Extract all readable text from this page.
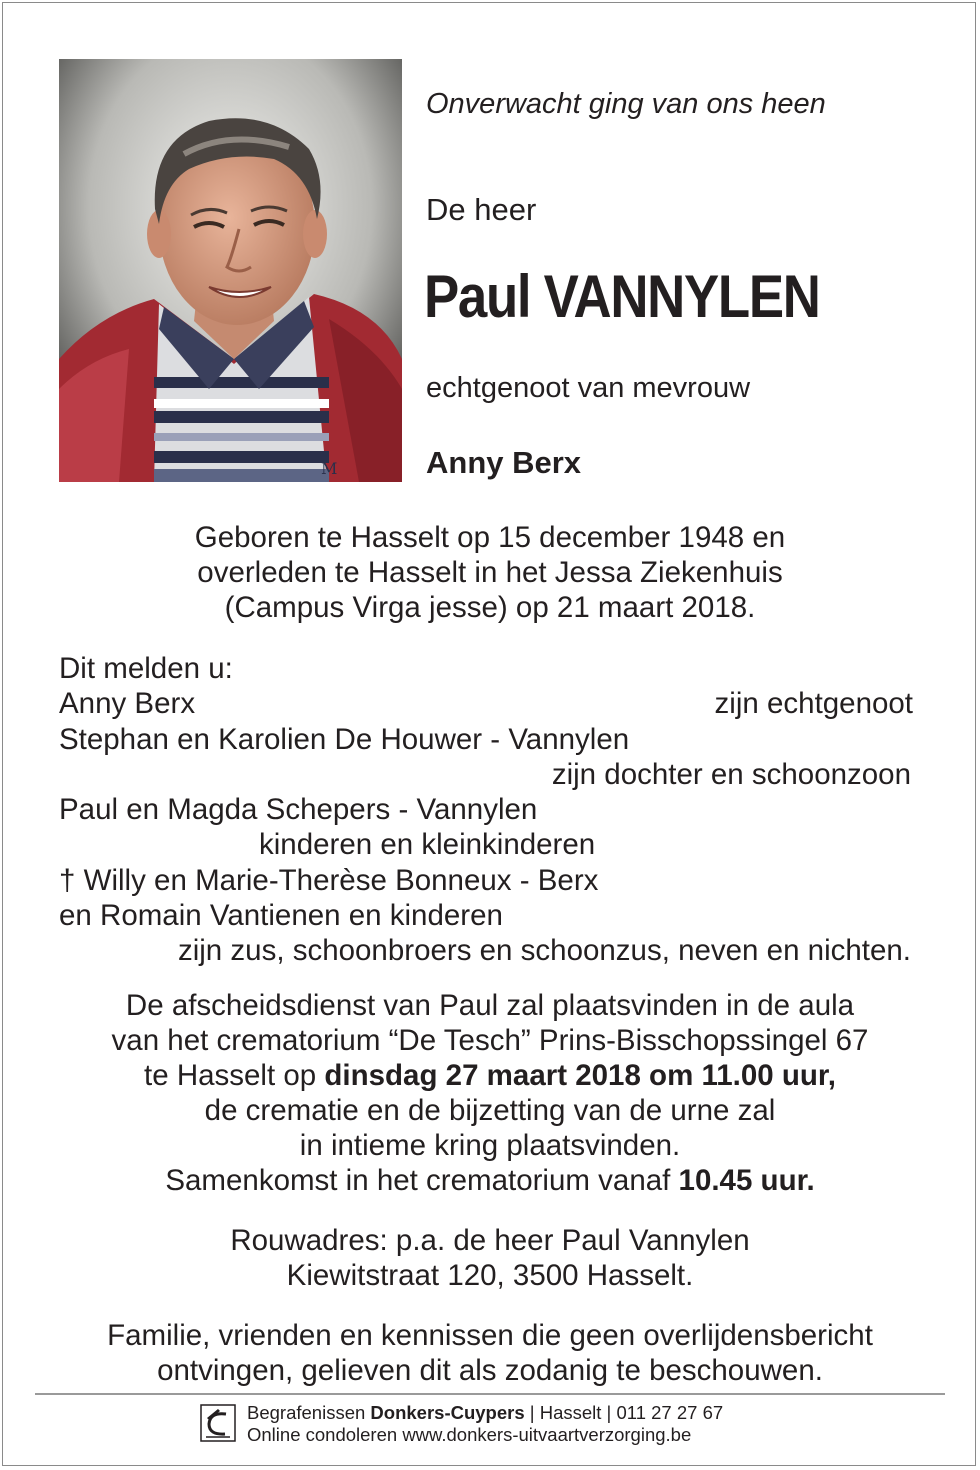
M
Onverwacht ging van ons heen
De heer
Paul VANNYLEN
echtgenoot van mevrouw
Anny Berx
Geboren te Hasselt op 15 december 1948 en
overleden te Hasselt in het Jessa Ziekenhuis
(Campus Virga jesse) op 21 maart 2018.
Dit melden u:
Anny Berx	zijn echtgenoot
Stephan en Karolien De Houwer - Vannylen
zijn dochter en schoonzoon
Paul en Magda Schepers - Vannylen
kinderen en kleinkinderen
† Willy en Marie-Therèse Bonneux - Berx
en Romain Vantienen en kinderen
zijn zus, schoonbroers en schoonzus, neven en nichten.
De afscheidsdienst van Paul zal plaatsvinden in de aula
van het crematorium “De Tesch” Prins-Bisschopssingel 67
te Hasselt op dinsdag 27 maart 2018 om 11.00 uur,
de crematie en de bijzetting van de urne zal
in intieme kring plaatsvinden.
Samenkomst in het crematorium vanaf 10.45 uur.
Rouwadres: p.a. de heer Paul Vannylen
Kiewitstraat 120, 3500 Hasselt.
Familie, vrienden en kennissen die geen overlijdensbericht
ontvingen, gelieven dit als zodanig te beschouwen.
Begrafenissen Donkers-Cuypers | Hasselt | 011 27 27 67
Online condoleren www.donkers-uitvaartverzorging.be
